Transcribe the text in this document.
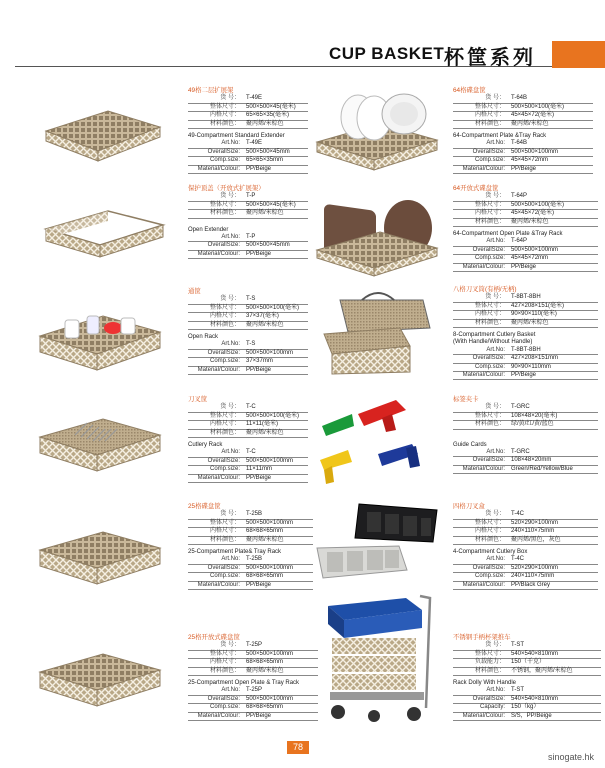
CUP BASKET 杯筐系列
49格二层扩展架
货 号：	T-49E
整体尺寸：	500×500×45(毫米)
内格尺寸：	65×65×35(毫米)
材料颜色：	聚丙烯/米棕色
49-Compartment Standard Extender
Art.No:	T-49E
OverallSize:	500×500×45mm
Comp.size:	65×65×35mm
Material/Colour:	PP/Beige
64格碟盘筐
货 号：	T-64B
整体尺寸：	500×500×100(毫米)
内格尺寸：	45×45×72(毫米)
材料颜色：	聚丙烯/米棕色
64-Compartment Plate &Tray Rack
Art.No:	T-64B
OverallSize:	500×500×100mm
Comp.size:	45×45×72mm
Material/Colour:	PP/Beige
保护顶盖（开放式扩展架）
货 号：	T-P
整体尺寸：	500×500×45(毫米)
材料颜色：	聚丙烯/米棕色
Open Extender
Art.No:	T-P
OverallSize:	500×500×45mm
Material/Colour:	PP/Beige
64开放式碟盘筐
货 号：	T-64P
整体尺寸：	500×500×100(毫米)
内格尺寸：	45×45×72(毫米)
材料颜色：	聚丙烯/米棕色
64-Compartment Open Plate &Tray Rack
Art.No:	T-64P
OverallSize:	500×500×100mm
Comp.size:	45×45×72mm
Material/Colour:	PP/Beige
通筐
货 号：	T-S
整体尺寸：	500×500×100(毫米)
内格尺寸：	37×37(毫米)
材料颜色：	聚丙烯/米棕色
Open Rack
Art.No:	T-S
OverallSize:	500×500×100mm
Comp.size:	37×37mm
Material/Colour:	PP/Beige
八格刀叉筒(有柄/无柄)
货 号：	T-8BT-8BH
整体尺寸：	427×208×151(毫米)
内格尺寸：	90×90×110(毫米)
材料颜色：	聚丙烯/米棕色
8-Compartment Cutlery Basket
(With Handle/Without Handle)
Art.No:	T-8BT-8BH
OverallSize:	427×208×151mm
Comp.size:	90×90×110mm
Material/Colour:	PP/Beige
刀叉筐
货 号：	T-C
整体尺寸：	500×500×100(毫米)
内格尺寸：	11×11(毫米)
材料颜色：	聚丙烯/米棕色
Cutlery Rack
Art.No:	T-C
OverallSize:	500×500×100mm
Comp.size:	11×11mm
Material/Colour:	PP/Beige
标签夹卡
货 号：	T-GRC
整体尺寸：	108×48×20(毫米)
材料颜色：	绿/黄/红/黄/蓝色
Guide Cards
Art.No:	T-GRC
OverallSize:	108×48×20mm
Material/Colour:	Green/Red/Yellow/Blue
25格碟盘筐
货 号：	T-25B
整体尺寸：	500×500×100mm
内格尺寸：	68×68×65mm
材料颜色：	聚丙烯/米棕色
25-Compartment Plate& Tray Rack
Art.No:	T-25B
OverallSize:	500×500×100mm
Comp.size:	68×68×65mm
Material/Colour:	PP/Beige
四格刀叉盒
货 号：	T-4C
整体尺寸：	520×290×100mm
内格尺寸：	240×110×75mm
材料颜色：	聚丙烯/黑色，灰色
4-Compartment Cutlery Box
Art.No:	T-4C
OverallSize:	520×290×100mm
Comp.size:	240×110×75mm
Material/Colour:	PP/Black Grey
25格开放式碟盘筐
货 号：	T-25P
整体尺寸：	500×500×100mm
内格尺寸：	68×68×65mm
材料颜色：	聚丙烯/米棕色
25-Compartment Open Plate & Tray Rack
Art.No:	T-25P
OverallSize:	500×500×100mm
Comp.size:	68×68×65mm
Material/Colour:	PP/Beige
不锈钢手柄杯架推车
货 号：	T-ST
整体尺寸：	540×540×810mm
负载能力：	150（千克）
材料颜色：	不锈钢，聚丙烯/米棕色
Rack Dolly With Handle
Art.No:	T-ST
OverallSize:	540×540×810mm
Capacity:	150（kg）
Material/Colour:	S/S，PP/Beige
78
sinogate.hk
